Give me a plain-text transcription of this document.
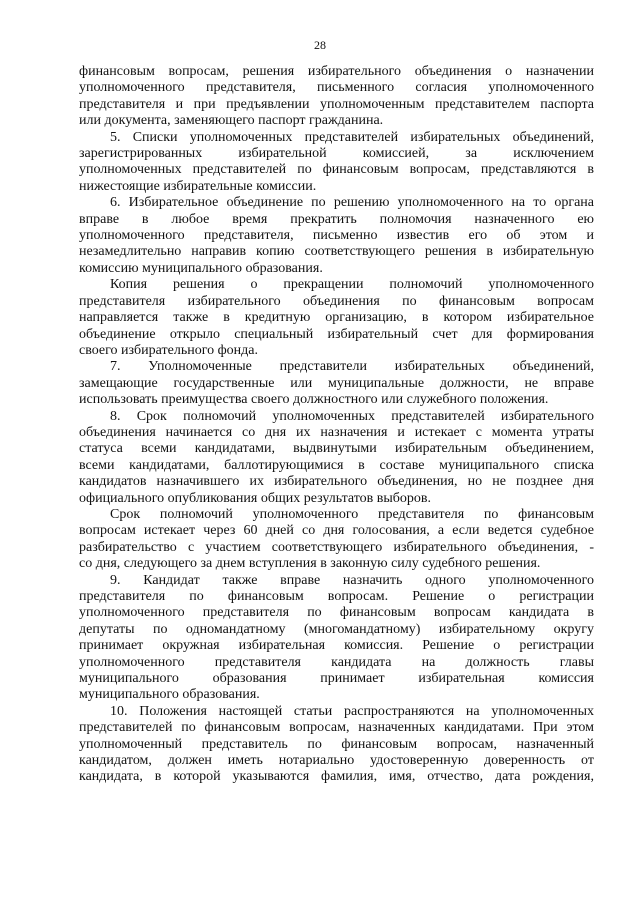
28
финансовым вопросам, решения избирательного объединения о назначении
уполномоченного представителя, письменного согласия уполномоченного
представителя и при предъявлении уполномоченным представителем паспорта
или документа, заменяющего паспорт гражданина.
5. Списки уполномоченных представителей избирательных объединений,
зарегистрированных избирательной комиссией, за исключением
уполномоченных представителей по финансовым вопросам, представляются в
нижестоящие избирательные комиссии.
6. Избирательное объединение по решению уполномоченного на то органа
вправе в любое время прекратить полномочия назначенного ею
уполномоченного представителя, письменно известив его об этом и
незамедлительно направив копию соответствующего решения в избирательную
комиссию муниципального образования.
Копия решения о прекращении полномочий уполномоченного
представителя избирательного объединения по финансовым вопросам
направляется также в кредитную организацию, в котором избирательное
объединение открыло специальный избирательный счет для формирования
своего избирательного фонда.
7. Уполномоченные представители избирательных объединений,
замещающие государственные или муниципальные должности, не вправе
использовать преимущества своего должностного или служебного положения.
8. Срок полномочий уполномоченных представителей избирательного
объединения начинается со дня их назначения и истекает с момента утраты
статуса всеми кандидатами, выдвинутыми избирательным объединением,
всеми кандидатами, баллотирующимися в составе муниципального списка
кандидатов назначившего их избирательного объединения, но не позднее дня
официального опубликования общих результатов выборов.
Срок полномочий уполномоченного представителя по финансовым
вопросам истекает через 60 дней со дня голосования, а если ведется судебное
разбирательство с участием соответствующего избирательного объединения, -
со дня, следующего за днем вступления в законную силу судебного решения.
9. Кандидат также вправе назначить одного уполномоченного
представителя по финансовым вопросам. Решение о регистрации
уполномоченного представителя по финансовым вопросам кандидата в
депутаты по одномандатному (многомандатному) избирательному округу
принимает окружная избирательная комиссия. Решение о регистрации
уполномоченного представителя кандидата на должность главы
муниципального образования принимает избирательная комиссия
муниципального образования.
10. Положения настоящей статьи распространяются на уполномоченных
представителей по финансовым вопросам, назначенных кандидатами. При этом
уполномоченный представитель по финансовым вопросам, назначенный
кандидатом, должен иметь нотариально удостоверенную доверенность от
кандидата, в которой указываются фамилия, имя, отчество, дата рождения,
